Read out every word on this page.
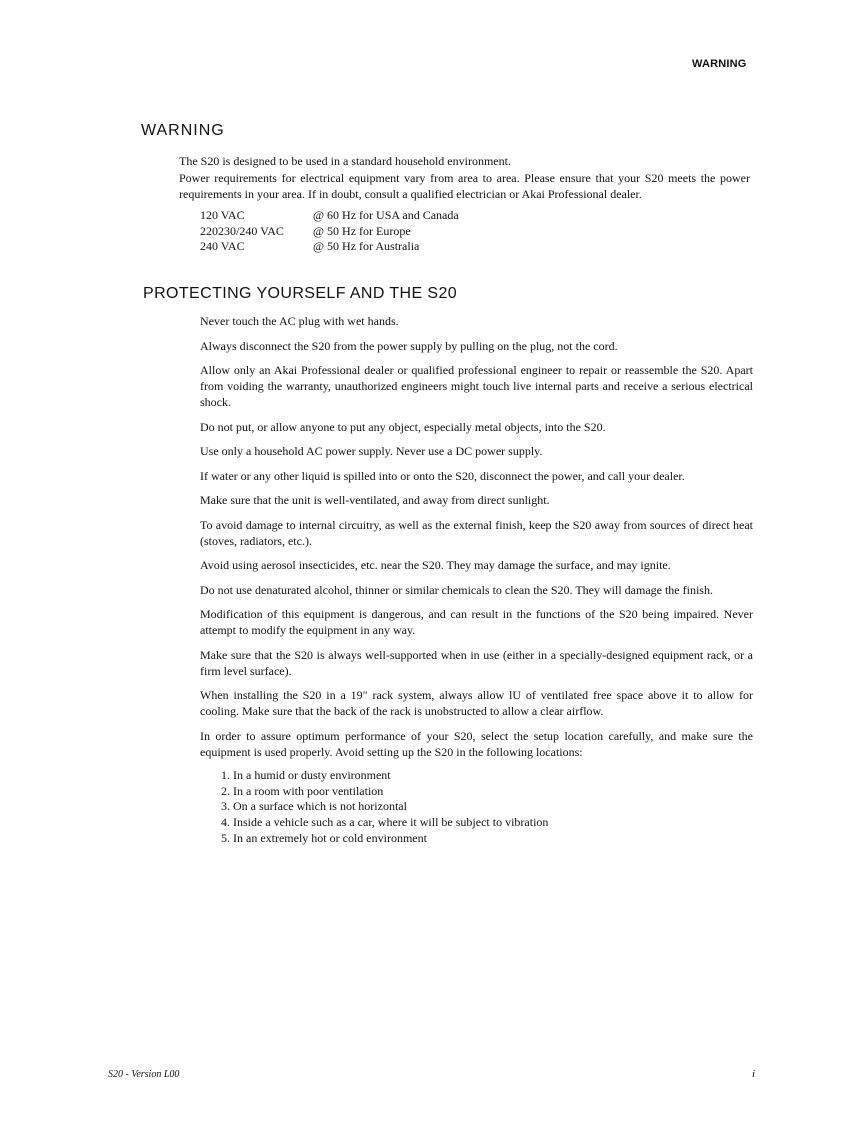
WARNING
WARNING

The S20 is designed to be used in a standard household environment.

Power requirements for electrical equipment vary from area to area. Please ensure that your S20 meets the power requirements in your area. If in doubt, consult a qualified electrician or Akai Professional dealer.

120 VAC	@ 60 Hz for USA and Canada
220230/240 VAC	@ 50 Hz for Europe
240 VAC	@ 50 Hz for Australia
PROTECTING YOURSELF AND THE S20

Never touch the AC plug with wet hands.

Always disconnect the S20 from the power supply by pulling on the plug, not the cord.

Allow only an Akai Professional dealer or qualified professional engineer to repair or reassemble the S20. Apart from voiding the warranty, unauthorized engineers might touch live internal parts and receive a serious electrical shock.

Do not put, or allow anyone to put any object, especially metal objects, into the S20.

Use only a household AC power supply. Never use a DC power supply.

If water or any other liquid is spilled into or onto the S20, disconnect the power, and call your dealer.

Make sure that the unit is well-ventilated, and away from direct sunlight.

To avoid damage to internal circuitry, as well as the external finish, keep the S20 away from sources of direct heat (stoves, radiators, etc.).

Avoid using aerosol insecticides, etc. near the S20. They may damage the surface, and may ignite.

Do not use denaturated alcohol, thinner or similar chemicals to clean the S20. They will damage the finish.

Modification of this equipment is dangerous, and can result in the functions of the S20 being impaired. Never attempt to modify the equipment in any way.

Make sure that the S20 is always well-supported when in use (either in a specially-designed equipment rack, or a firm level surface).

When installing the S20 in a 19" rack system, always allow lU of ventilated free space above it to allow for cooling. Make sure that the back of the rack is unobstructed to allow a clear airflow.

In order to assure optimum performance of your S20, select the setup location carefully, and make sure the equipment is used properly. Avoid setting up the S20 in the following locations:

1. In a humid or dusty environment
2. In a room with poor ventilation
3. On a surface which is not horizontal
4. Inside a vehicle such as a car, where it will be subject to vibration
5. In an extremely hot or cold environment
S20 - Version L00	i
